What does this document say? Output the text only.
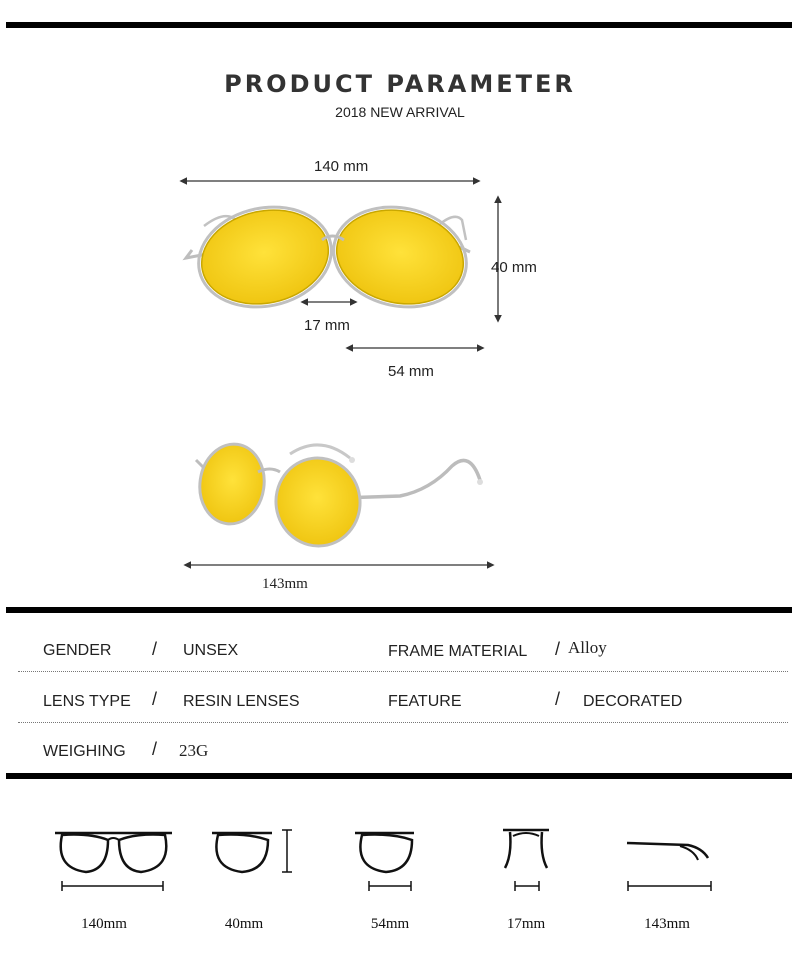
PRODUCT PARAMETER
2018 NEW ARRIVAL
140 mm
40 mm
17 mm
54 mm
143mm
GENDER / UNSEX	FRAME MATERIAL / Alloy
LENS TYPE / RESIN LENSES	FEATURE	/ DECORATED
WEIGHING / 23G
140mm	40mm	54mm	17mm	143mm
